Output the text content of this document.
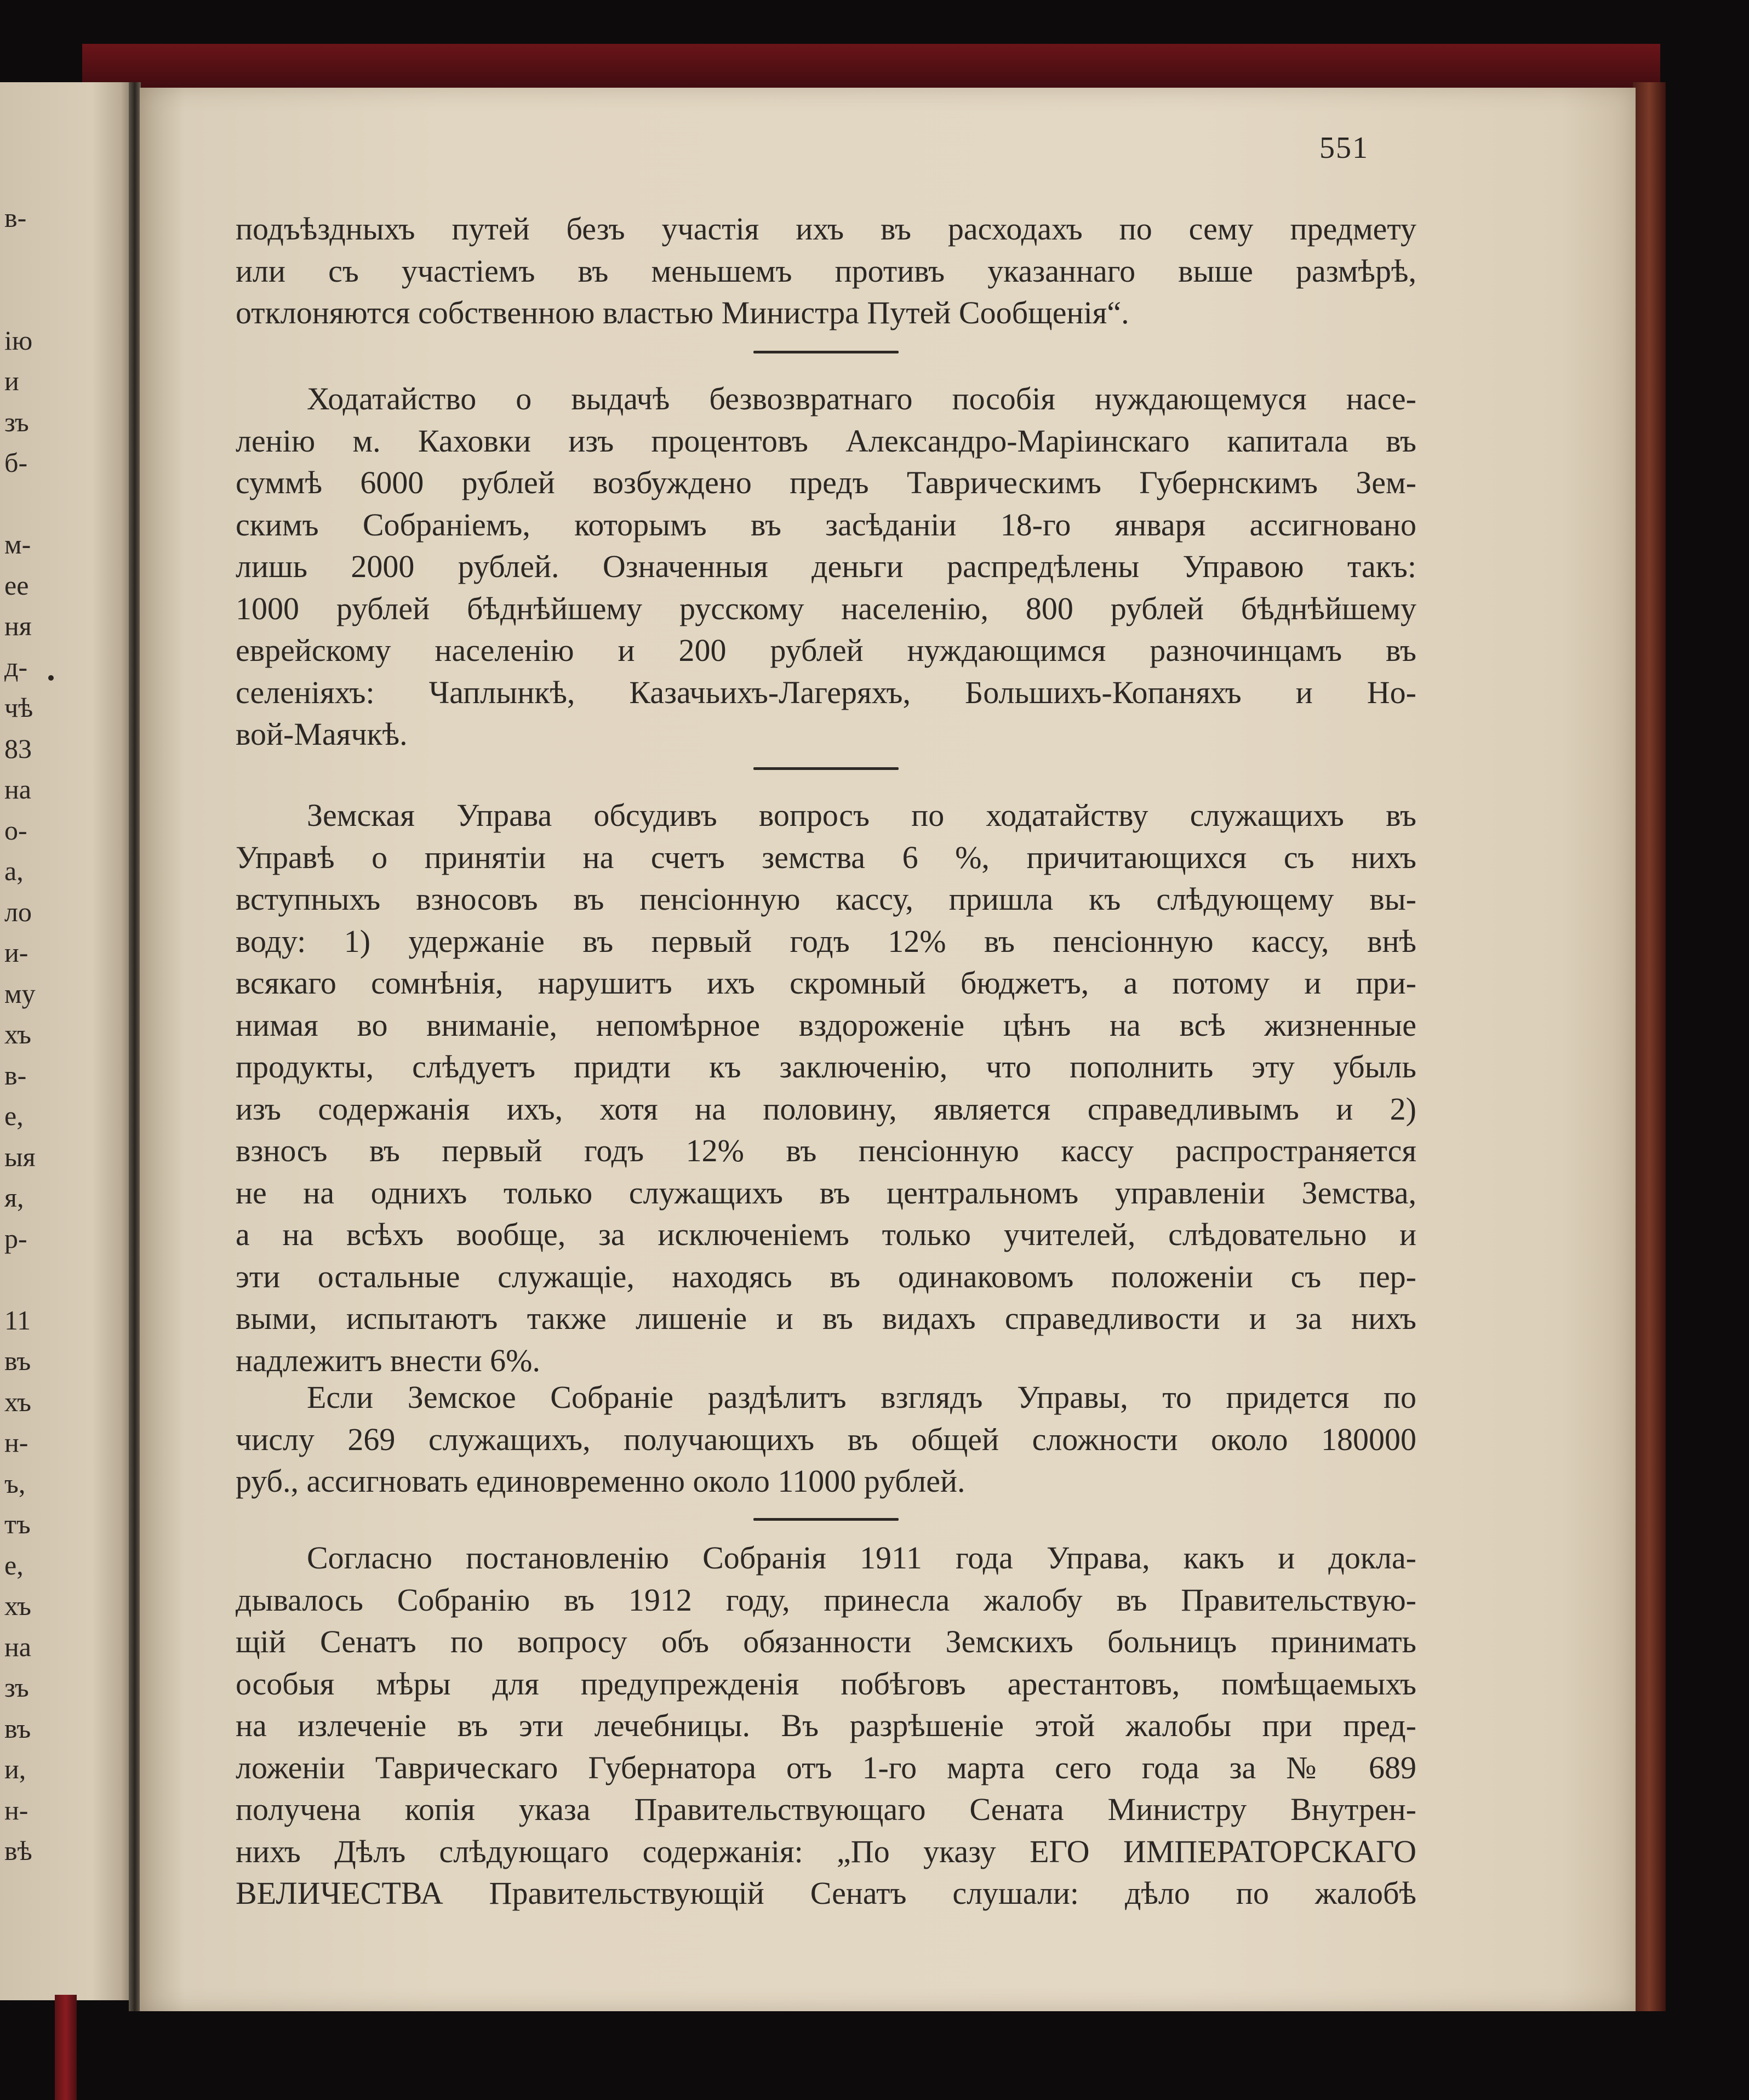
в-
iю
и
зъ
б-
м-
ее
ня
д-
чѣ
83
на
о-
а,
ло
и-
му
хъ
в-
е,
ыя
я,
р-
11
въ
хъ
н-
ъ,
тъ
е,
хъ
на
зъ
въ
и,
н-
вѣ
551
подъѣздныхъ путей безъ участія ихъ въ расходахъ по сему предмету
или съ участіемъ въ меньшемъ противъ указаннаго выше размѣрѣ,
отклоняются собственною властью Министра Путей Сообщенія“.
Ходатайство о выдачѣ безвозвратнаго пособія нуждающемуся насе-
ленію м. Каховки изъ процентовъ Александро-Маріинскаго капитала въ
суммѣ 6000 рублей возбуждено предъ Таврическимъ Губернскимъ Зем-
скимъ Собраніемъ, которымъ въ засѣданіи 18-го января ассигновано
лишь 2000 рублей. Означенныя деньги распредѣлены Управою такъ:
1000 рублей бѣднѣйшему русскому населенію, 800 рублей бѣднѣйшему
еврейскому населенію и 200 рублей нуждающимся разночинцамъ въ
селеніяхъ: Чаплынкѣ, Казачьихъ-Лагеряхъ, Большихъ-Копаняхъ и Но-
вой-Маячкѣ.
Земская Управа обсудивъ вопросъ по ходатайству служащихъ въ
Управѣ о принятіи на счетъ земства 6 %, причитающихся съ нихъ
вступныхъ взносовъ въ пенсіонную кассу, пришла къ слѣдующему вы-
воду: 1) удержаніе въ первый годъ 12% въ пенсіонную кассу, внѣ
всякаго сомнѣнія, нарушитъ ихъ скромный бюджетъ, а потому и при-
нимая во вниманіе, непомѣрное вздороженіе цѣнъ на всѣ жизненные
продукты, слѣдуетъ придти къ заключенію, что пополнить эту убыль
изъ содержанія ихъ, хотя на половину, является справедливымъ и 2)
взносъ въ первый годъ 12% въ пенсіонную кассу распространяется
не на однихъ только служащихъ въ центральномъ управленіи Земства,
а на всѣхъ вообще, за исключеніемъ только учителей, слѣдовательно и
эти остальные служащіе, находясь въ одинаковомъ положеніи съ пер-
выми, испытаютъ также лишеніе и въ видахъ справедливости и за нихъ
надлежитъ внести 6%.
Если Земское Собраніе раздѣлитъ взглядъ Управы, то придется по
числу 269 служащихъ, получающихъ въ общей сложности около 180000
руб., ассигновать единовременно около 11000 рублей.
Согласно постановленію Собранія 1911 года Управа, какъ и докла-
дывалось Собранію въ 1912 году, принесла жалобу въ Правительствую-
щій Сенатъ по вопросу объ обязанности Земскихъ больницъ принимать
особыя мѣры для предупрежденія побѣговъ арестантовъ, помѣщаемыхъ
на излеченіе въ эти лечебницы. Въ разрѣшеніе этой жалобы при пред-
ложеніи Таврическаго Губернатора отъ 1-го марта сего года за № 689
получена копія указа Правительствующаго Сената Министру Внутрен-
нихъ Дѣлъ слѣдующаго содержанія: „По указу ЕГО ИМПЕРАТОРСКАГО
ВЕЛИЧЕСТВА Правительствующій Сенатъ слушали: дѣло по жалобѣ
